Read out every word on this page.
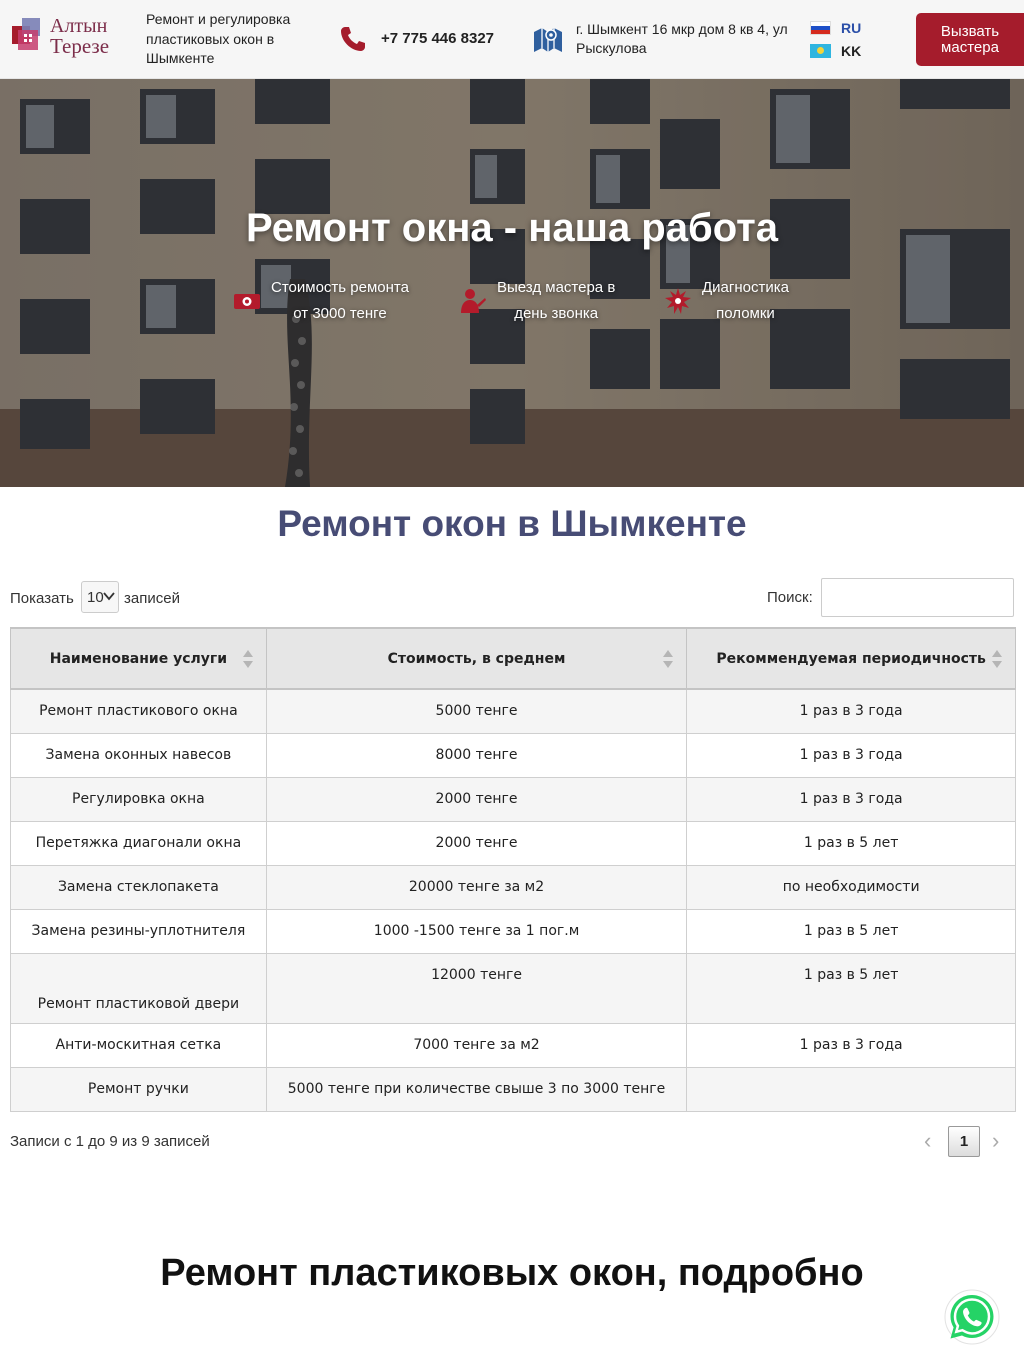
Алтын
Терезе
Ремонт и регулировка пластиковых окон в Шымкенте
+7 775 446 8327
г. Шымкент 16 мкр дом 8 кв 4, ул Рыскулова
RU
KK
Вызвать мастера
Ремонт окна - наша работа
Стоимость ремонта
от 3000 тенге
Выезд мастера в
день звонка
Диагностика
поломки
Ремонт окон в Шымкенте
Показать 10	записей	Поиск:
Наименование услуги	Стоимость, в среднем	Рекоммендуемая периодичность

Ремонт пластикового окна	5000 тенге	1 раз в 3 года
Замена оконных навесов	8000 тенге	1 раз в 3 года
Регулировка окна	2000 тенге	1 раз в 3 года
Перетяжка диагонали окна	2000 тенге	1 раз в 5 лет
Замена стеклопакета	20000 тенге за м2	по необходимости
Замена резины-уплотнителя	1000 -1500 тенге за 1 пог.м	1 раз в 5 лет
Ремонт пластиковой двери	12000 тенге	1 раз в 5 лет
Анти-москитная сетка	7000 тенге за м2	1 раз в 3 года
Ремонт ручки	5000 тенге при количестве свыше 3 по 3000 тенге	
Записи с 1 до 9 из 9 записей	‹	1	›
Ремонт пластиковых окон, подробно
